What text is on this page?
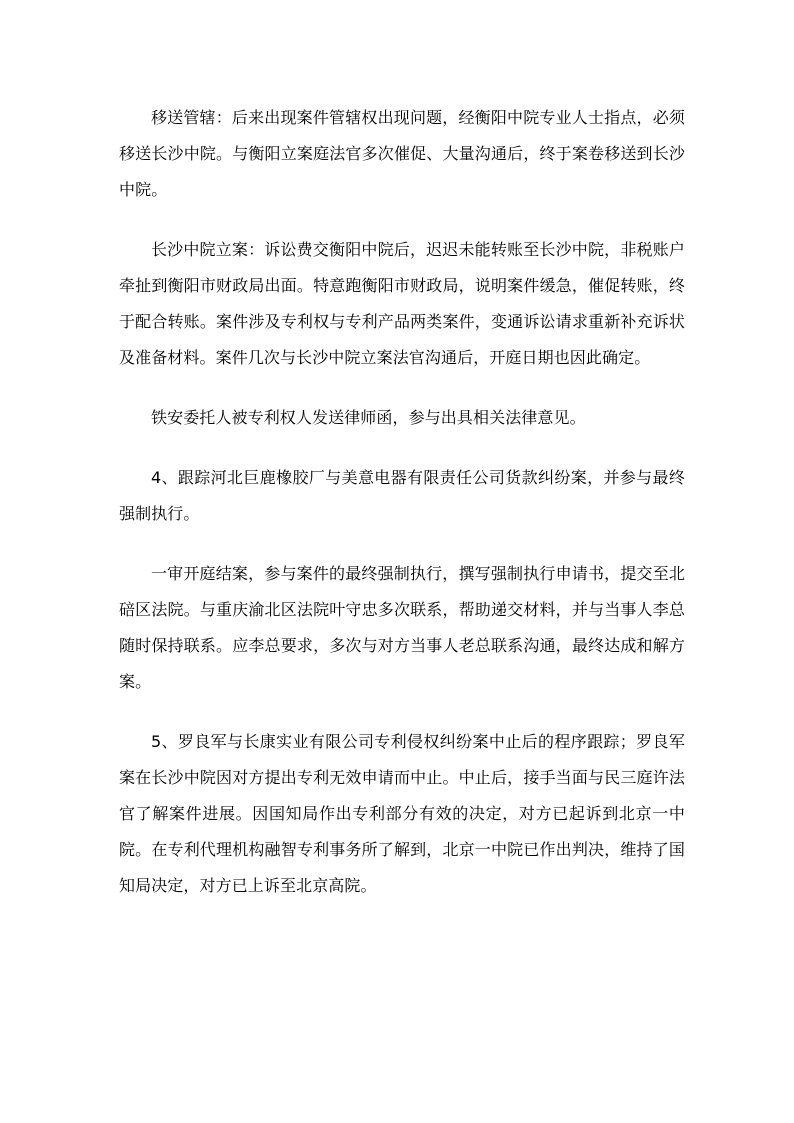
移送管辖：后来出现案件管辖权出现问题，经衡阳中院专业人士指点，必须移送长沙中院。与衡阳立案庭法官多次催促、大量沟通后，终于案卷移送到长沙中院。

长沙中院立案：诉讼费交衡阳中院后，迟迟未能转账至长沙中院，非税账户牵扯到衡阳市财政局出面。特意跑衡阳市财政局，说明案件缓急，催促转账，终于配合转账。案件涉及专利权与专利产品两类案件，变通诉讼请求重新补充诉状及准备材料。案件几次与长沙中院立案法官沟通后，开庭日期也因此确定。

铁安委托人被专利权人发送律师函，参与出具相关法律意见。

4、跟踪河北巨鹿橡胶厂与美意电器有限责任公司货款纠纷案，并参与最终强制执行。

一审开庭结案，参与案件的最终强制执行，撰写强制执行申请书，提交至北碚区法院。与重庆渝北区法院叶守忠多次联系，帮助递交材料，并与当事人李总随时保持联系。应李总要求，多次与对方当事人老总联系沟通，最终达成和解方案。

5、罗良军与长康实业有限公司专利侵权纠纷案中止后的程序跟踪；罗良军案在长沙中院因对方提出专利无效申请而中止。中止后，接手当面与民三庭许法官了解案件进展。因国知局作出专利部分有效的决定，对方已起诉到北京一中院。在专利代理机构融智专利事务所了解到，北京一中院已作出判决，维持了国知局决定，对方已上诉至北京高院。
